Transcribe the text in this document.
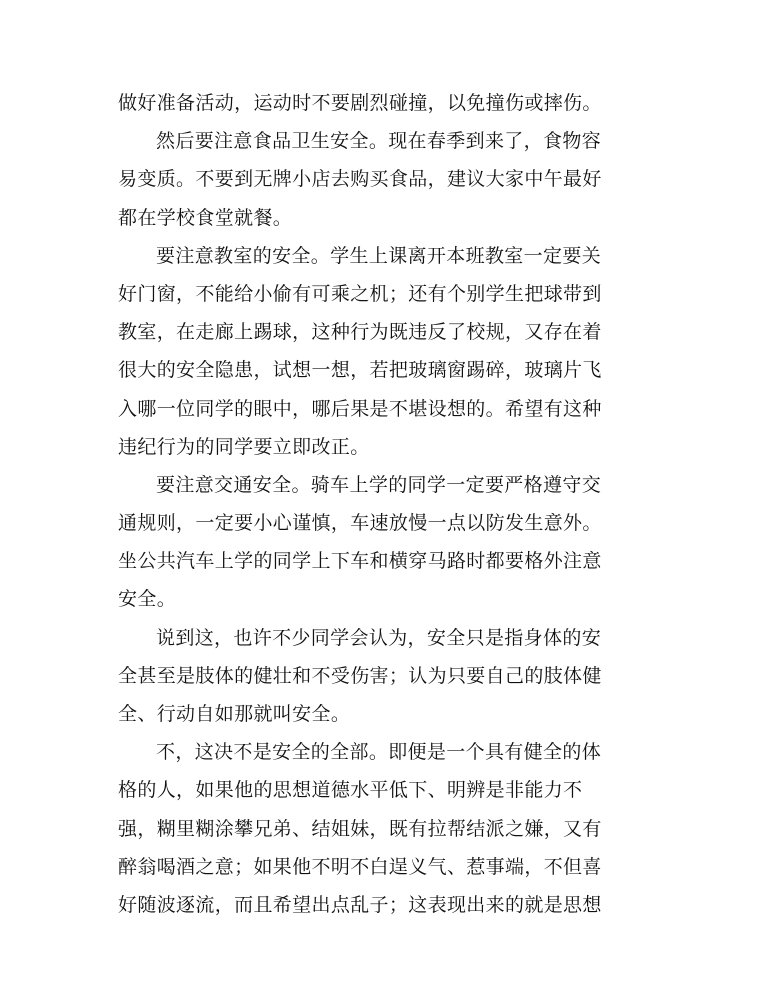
做好准备活动，运动时不要剧烈碰撞，以免撞伤或摔伤。
然后要注意食品卫生安全。现在春季到来了，食物容
易变质。不要到无牌小店去购买食品，建议大家中午最好
都在学校食堂就餐。
要注意教室的安全。学生上课离开本班教室一定要关
好门窗，不能给小偷有可乘之机；还有个别学生把球带到
教室，在走廊上踢球，这种行为既违反了校规，又存在着
很大的安全隐患，试想一想，若把玻璃窗踢碎，玻璃片飞
入哪一位同学的眼中，哪后果是不堪设想的。希望有这种
违纪行为的同学要立即改正。
要注意交通安全。骑车上学的同学一定要严格遵守交
通规则，一定要小心谨慎，车速放慢一点以防发生意外。
坐公共汽车上学的同学上下车和横穿马路时都要格外注意
安全。
说到这，也许不少同学会认为，安全只是指身体的安
全甚至是肢体的健壮和不受伤害；认为只要自己的肢体健
全、行动自如那就叫安全。
不，这决不是安全的全部。即便是一个具有健全的体
格的人，如果他的思想道德水平低下、明辨是非能力不
强，糊里糊涂攀兄弟、结姐妹，既有拉帮结派之嫌，又有
醉翁喝酒之意；如果他不明不白逞义气、惹事端，不但喜
好随波逐流，而且希望出点乱子；这表现出来的就是思想
